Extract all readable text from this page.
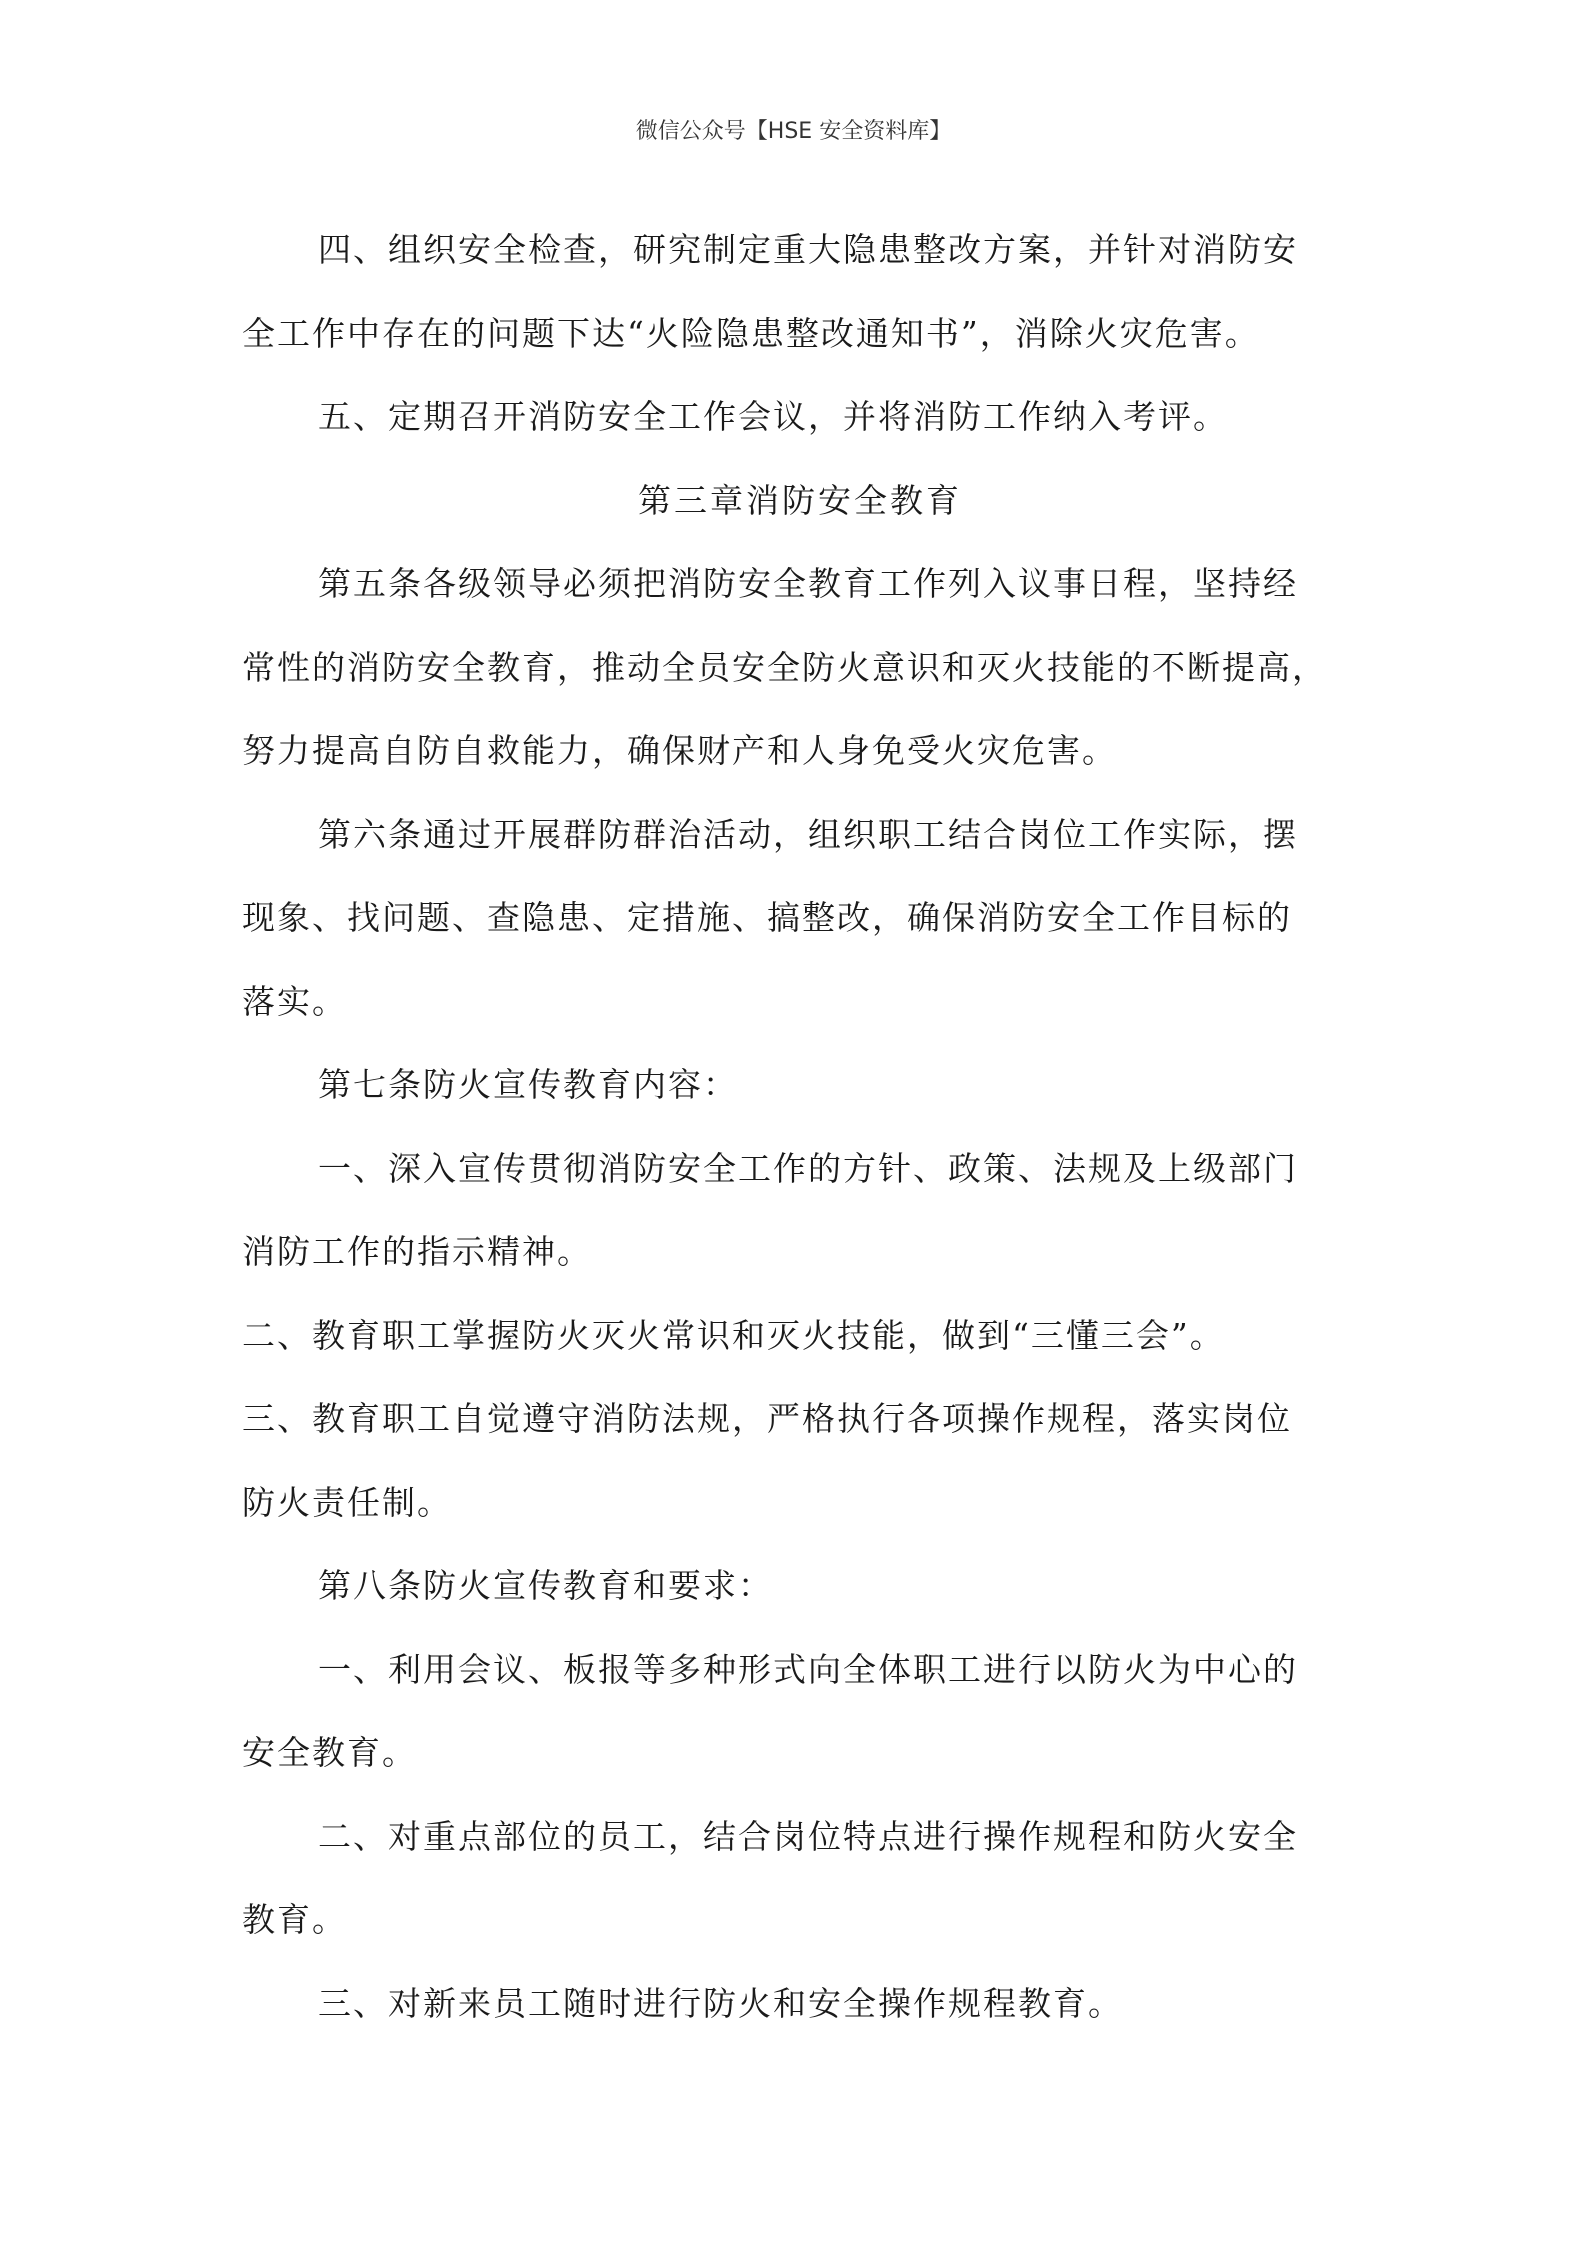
微信公众号【HSE 安全资料库】

四、组织安全检查，研究制定重大隐患整改方案，并针对消防安

全工作中存在的问题下达“火险隐患整改通知书”，消除火灾危害。

五、定期召开消防安全工作会议，并将消防工作纳入考评。

第三章消防安全教育

第五条各级领导必须把消防安全教育工作列入议事日程，坚持经

常性的消防安全教育，推动全员安全防火意识和灭火技能的不断提高，

努力提高自防自救能力，确保财产和人身免受火灾危害。

第六条通过开展群防群治活动，组织职工结合岗位工作实际，摆

现象、找问题、查隐患、定措施、搞整改，确保消防安全工作目标的

落实。

第七条防火宣传教育内容：

一、深入宣传贯彻消防安全工作的方针、政策、法规及上级部门

消防工作的指示精神。

二、教育职工掌握防火灭火常识和灭火技能，做到“三懂三会”。

三、教育职工自觉遵守消防法规，严格执行各项操作规程，落实岗位

防火责任制。

第八条防火宣传教育和要求：

一、利用会议、板报等多种形式向全体职工进行以防火为中心的

安全教育。

二、对重点部位的员工，结合岗位特点进行操作规程和防火安全

教育。

三、对新来员工随时进行防火和安全操作规程教育。
